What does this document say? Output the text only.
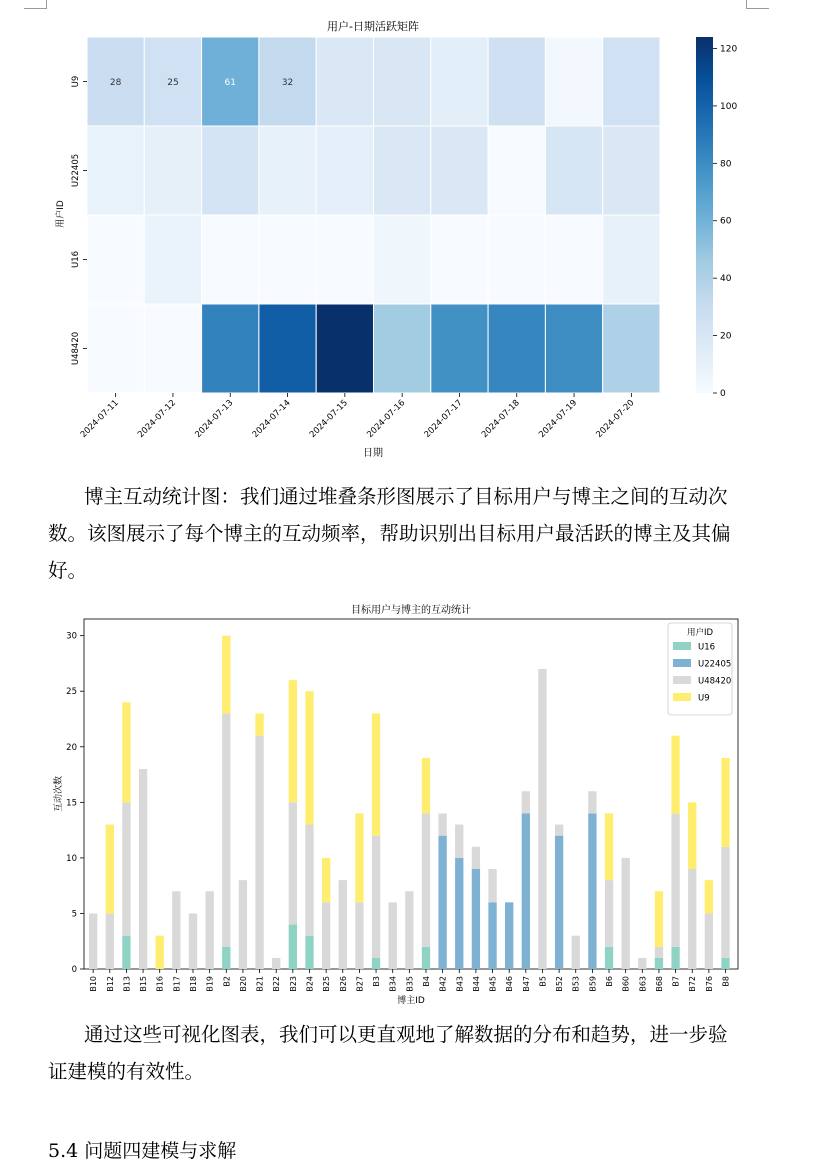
用户-日期活跃矩阵
28	25	61	32
2024-07-11 2024-07-12 2024-07-13 2024-07-14 2024-07-15 2024-07-16 2024-07-17 2024-07-18 2024-07-19 2024-07-20
U9
U22405
U16
U48420
日期
用户ID
0
20
40
60
80
100
120
博主互动统计图：我们通过堆叠条形图展示了目标用户与博主之间的互动次
数。该图展示了每个博主的互动频率，帮助识别出目标用户最活跃的博主及其偏
好。
目标用户与博主的互动统计
0
5
10
15
20
25
30
B10 B12 B13 B15 B16 B17 B18 B19 B2 B20 B21 B22 B23 B24 B25 B26 B27 B3 B34 B35 B4 B42 B43 B44 B45 B46 B47 B5 B52 B53 B59 B6 B60 B63 B68 B7 B72 B76 B8
博主ID
互动次数
用户ID
U16
U22405
U48420
U9
通过这些可视化图表，我们可以更直观地了解数据的分布和趋势，进一步验
证建模的有效性。
5.4 问题四建模与求解
